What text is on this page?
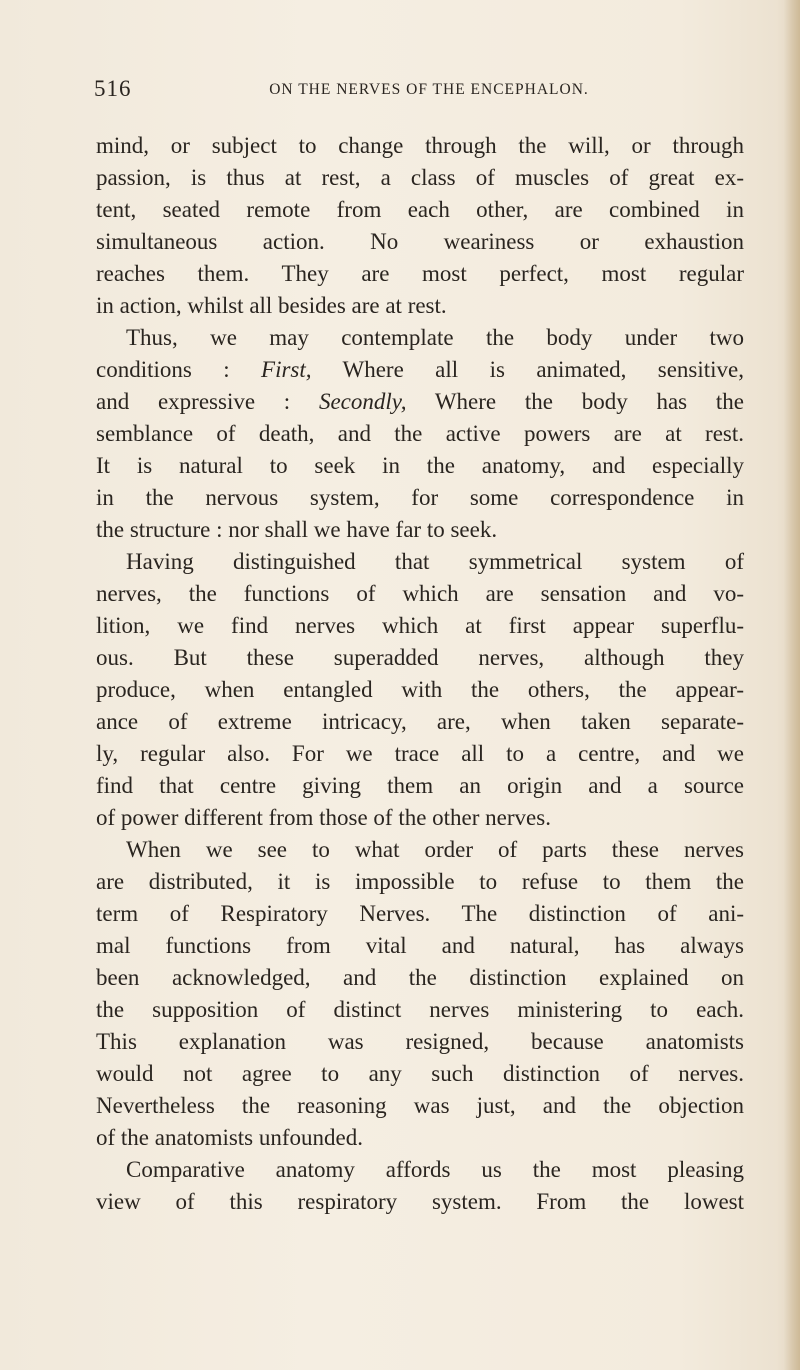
516	ON THE NERVES OF THE ENCEPHALON.
mind, or subject to change through the will, or through
passion, is thus at rest, a class of muscles of great ex-
tent, seated remote from each other, are combined in
simultaneous action. No weariness or exhaustion
reaches them. They are most perfect, most regular
in action, whilst all besides are at rest.
Thus, we may contemplate the body under two
conditions : First, Where all is animated, sensitive,
and expressive : Secondly, Where the body has the
semblance of death, and the active powers are at rest.
It is natural to seek in the anatomy, and especially
in the nervous system, for some correspondence in
the structure : nor shall we have far to seek.
Having distinguished that symmetrical system of
nerves, the functions of which are sensation and vo-
lition, we find nerves which at first appear superflu-
ous. But these superadded nerves, although they
produce, when entangled with the others, the appear-
ance of extreme intricacy, are, when taken separate-
ly, regular also. For we trace all to a centre, and we
find that centre giving them an origin and a source
of power different from those of the other nerves.
When we see to what order of parts these nerves
are distributed, it is impossible to refuse to them the
term of Respiratory Nerves. The distinction of ani-
mal functions from vital and natural, has always
been acknowledged, and the distinction explained on
the supposition of distinct nerves ministering to each.
This explanation was resigned, because anatomists
would not agree to any such distinction of nerves.
Nevertheless the reasoning was just, and the objection
of the anatomists unfounded.
Comparative anatomy affords us the most pleasing
view of this respiratory system. From the lowest
